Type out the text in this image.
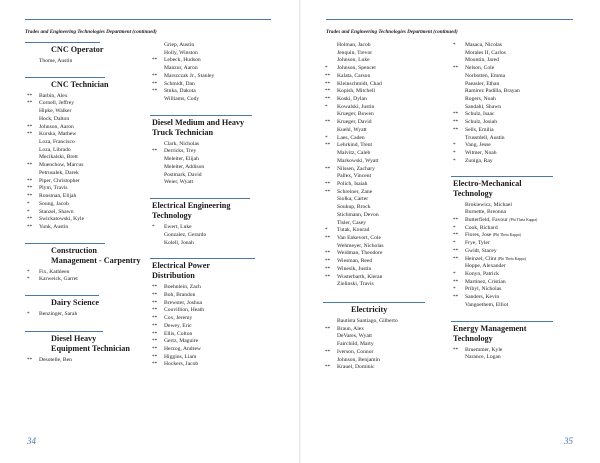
Trades and Engineering Technologies Department (continued)
CNC Operator
Thome, Austin
CNC Technician
** Barbin, Alex
** Cornell, Jeffrey
Hipke, Walker
Hock, Dalton
** Johnson, Aaron
** Kurska, Mathew
Loza, Francisco
Loza, Librado
Mecikalski, Brett
** Muenchow, Marcus
Petrusalek, Darek
** Piper, Christopher
** Plym, Travis
** Ronsman, Elijah
* Soung, Jacob
* Stanzel, Shawn
** Swickatowski, Kyle
** Yunk, Austin
Construction
Management - Carpentry
* Fix, Kathleen
* Karweick, Garret
Dairy Science
* Benzinger, Sarah
Diesel Heavy
Equipment Technician
** Desotelle, Ben
Griep, Austin
Holly, Winston
** Lebeck, Hudson
Manzur, Aaron
** Marszczak Jr., Stanley
** Schmidt, Dan
** Stnka, Dakota
Williams, Cody
Diesel Medium and Heavy
Truck Technician
Clark, Nicholas
** Derricks, Trey
Meleiter, Elijah
Meleiter, Addison
Postmark, David
Weier, Wyatt
Electrical Engineering
Technology
* Ewert, Luke
Gonzalez, Gerardo
Kolell, Jonah
Electrical Power
Distribution
** Boehnlein, Zach
** Boh, Brandon
** Brewster, Joshua
** Couvillion, Heath
** Cox, Jeremy
** Dewey, Eric
** Ellis, Colton
** Gertz, Maguire
** Herzog, Andrew
** Higgins, Liam
** Hockers, Jacob
34
Trades and Engineering Technologies Department (continued)
Holman, Jacob
Jenquin, Trevor
Johnson, Luke
* Johnson, Spencer
** Kalata, Carson
** Kleinschmidt, Chad
** Kopish, Mitchell
** Koski, Dylan
* Kowalski, Justin
Krueger, Bowen
** Krueger, David
Kuehl, Wyatt
* Laes, Caden
** Lehrkind, Trent
Malvitz, Caleb
Markowski, Wyatt
** Nilssen, Zachary
Pallex, Vincent
** Polich, Isaiah
** Schreiner, Zane
Siolka, Carter
Soukup, Brock
Stichmann, Devon
Tisler, Casey
* Tutak, Konrad
** Van Enkevort, Cole
Wehmeyer, Nicholas
** Weidman, Theodore
** Wiesman, Reed
** Winesik, Justin
** Wusterbarth, Kieran
Zielinski, Travis
Electricity
Bautista Santiago, Gilberto
** Braun, Alex
DeVares, Wyatt
Fairchild, Marty
** Iverson, Connor
Johnson, Benjamin
** Krauel, Dominic
* Masaca, Nicolas
Morales II, Carlos
Mountin, Jared
** Nelson, Cole
Norbotten, Emma
Paeasler, Ethan
Ramirez Padilla, Brayan
Rogers, Noah
Sandahl, Shawn
** Schulz, Isaac
** Schulz, Josiah
** Sells, Emilia
Trusstdell, Austin
* Vang, Jesse
* Witmer, Noah
* Zuniga, Ray
Electro-Mechanical
Technology
Brokiewicz, Michael
Burnette, Breonna
** Butterfield, Favour (Phi Theta Kappa)
* Cook, Richard
** Flores, Jose (Phi Theta Kappa)
* Frye, Tyler
** Gwidt, Stacey
** Heinzel, Clint (Phi Theta Kappa)
Hoppe, Alexander
* Konyn, Patrick
** Martinez, Cristian
* Pribyl, Nicholas
** Sanders, Kevin
Vangoethem, Elliot
Energy Management
Technology
** Bruemmer, Kyle
Narance, Logan
35
